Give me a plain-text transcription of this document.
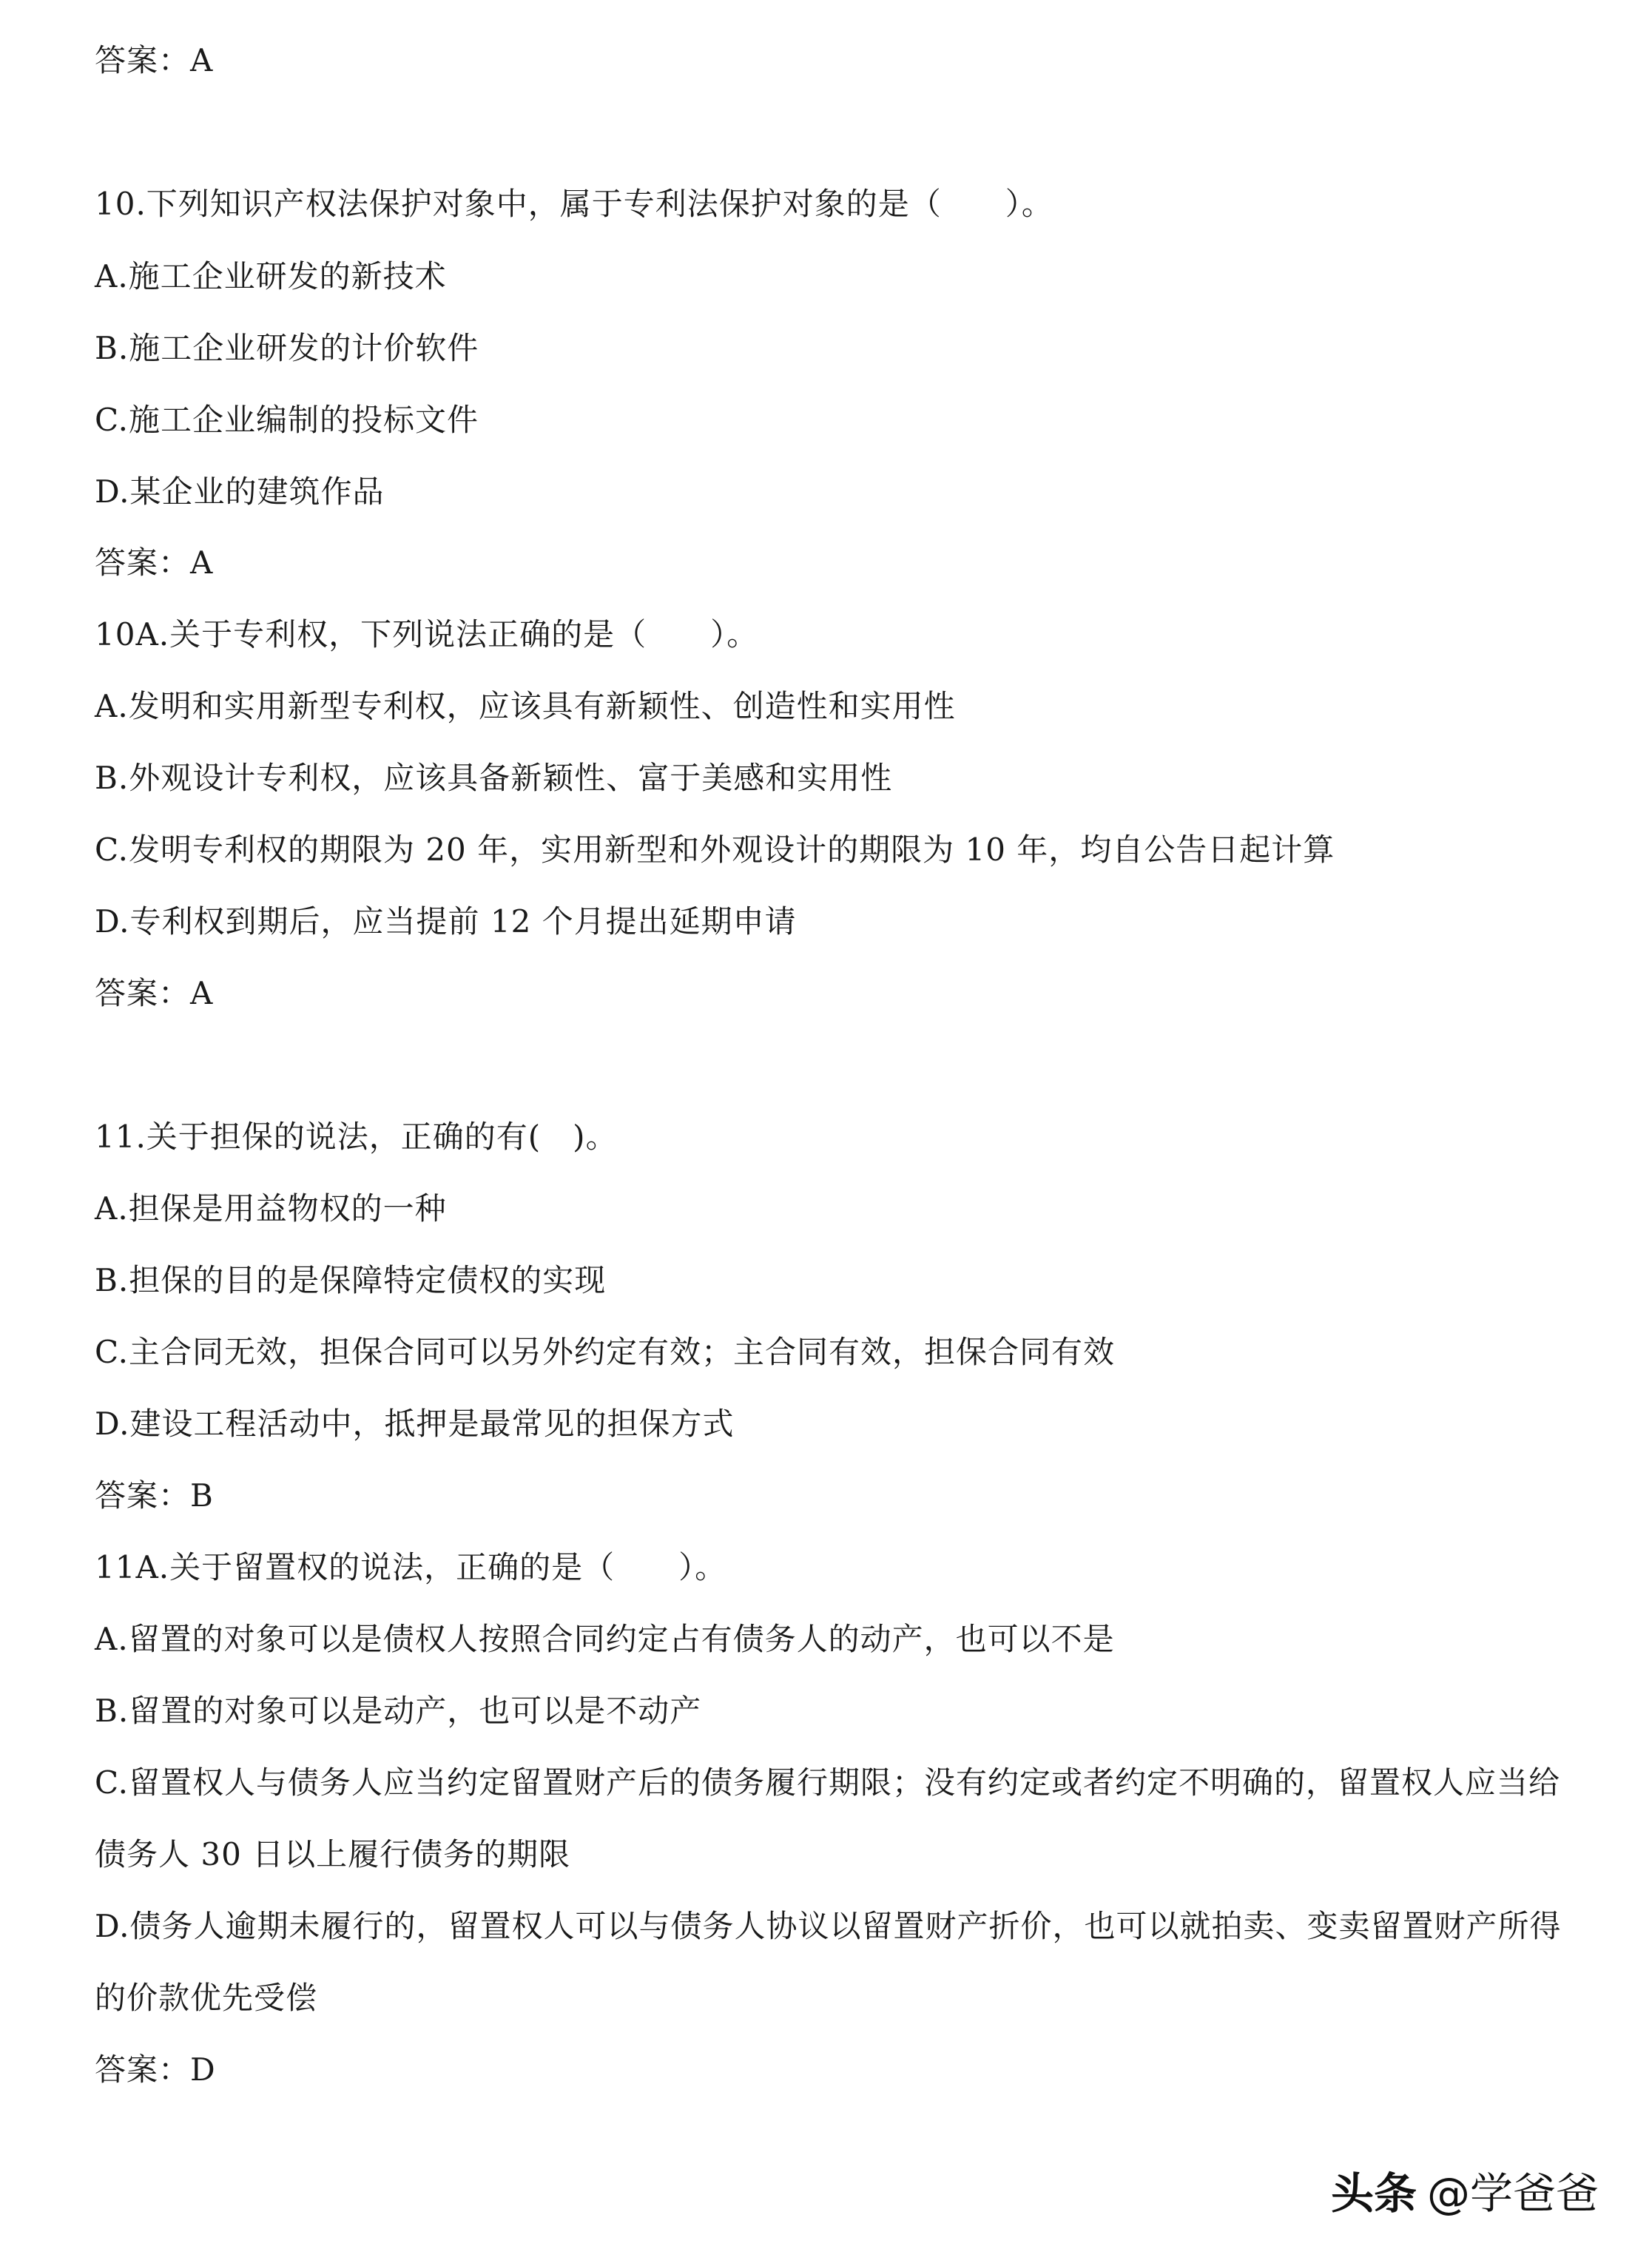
答案：A
10.下列知识产权法保护对象中，属于专利法保护对象的是（　　）。
A.施工企业研发的新技术
B.施工企业研发的计价软件
C.施工企业编制的投标文件
D.某企业的建筑作品
答案：A
10A.关于专利权，下列说法正确的是（　　）。
A.发明和实用新型专利权，应该具有新颖性、创造性和实用性
B.外观设计专利权，应该具备新颖性、富于美感和实用性
C.发明专利权的期限为 20 年，实用新型和外观设计的期限为 10 年，均自公告日起计算
D.专利权到期后，应当提前 12 个月提出延期申请
答案：A
11.关于担保的说法，正确的有(　)。
A.担保是用益物权的一种
B.担保的目的是保障特定债权的实现
C.主合同无效，担保合同可以另外约定有效；主合同有效，担保合同有效
D.建设工程活动中，抵押是最常见的担保方式
答案：B
11A.关于留置权的说法，正确的是（　　）。
A.留置的对象可以是债权人按照合同约定占有债务人的动产，也可以不是
B.留置的对象可以是动产，也可以是不动产
C.留置权人与债务人应当约定留置财产后的债务履行期限；没有约定或者约定不明确的，留置权人应当给
债务人 30 日以上履行债务的期限
D.债务人逾期未履行的，留置权人可以与债务人协议以留置财产折价，也可以就拍卖、变卖留置财产所得
的价款优先受偿
答案：D
头条 @学爸爸
